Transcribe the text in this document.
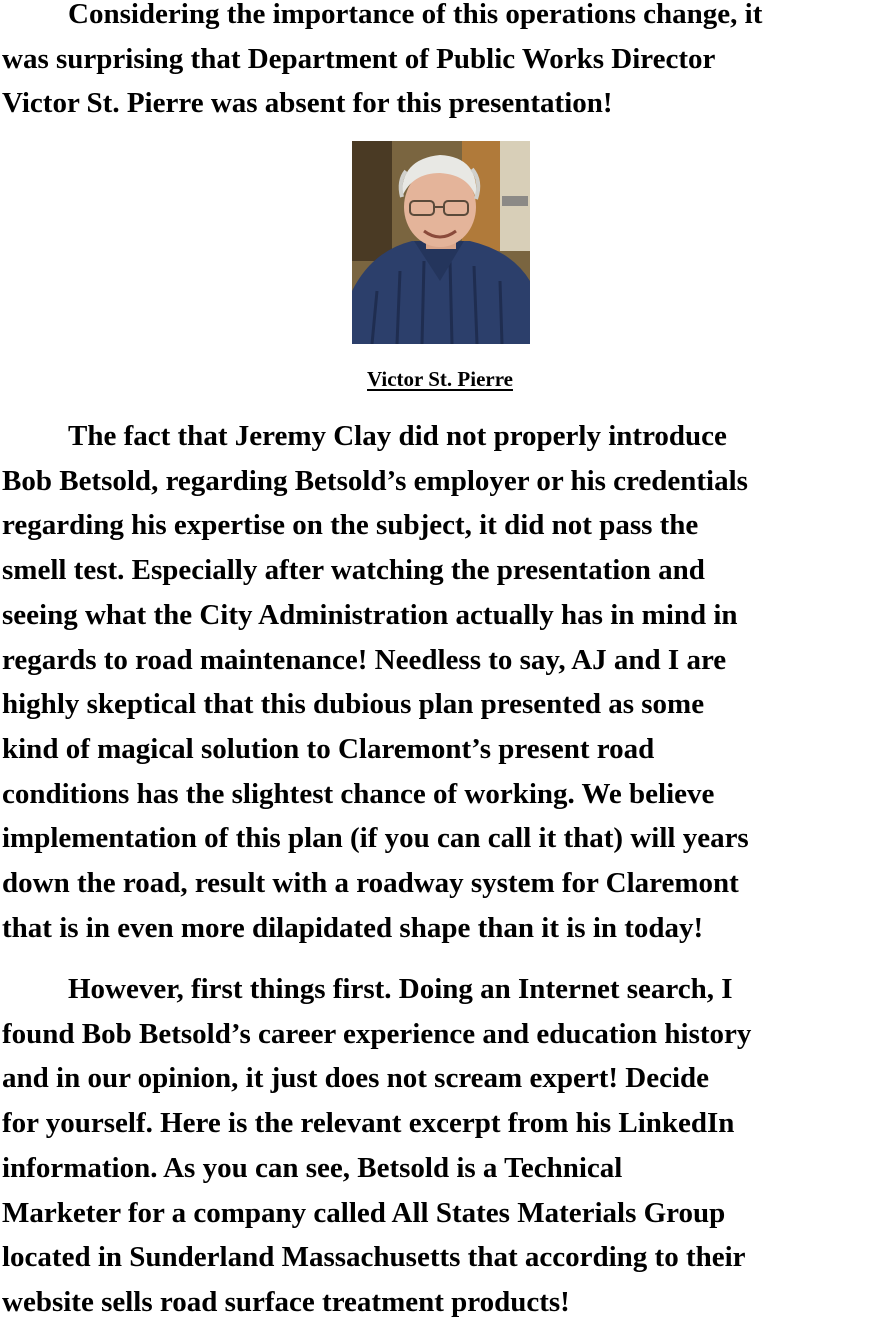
Considering the importance of this operations change, it
was surprising that Department of Public Works Director
Victor St. Pierre was absent for this presentation!

Victor St. Pierre

The fact that Jeremy Clay did not properly introduce
Bob Betsold, regarding Betsold’s employer or his credentials
regarding his expertise on the subject, it did not pass the
smell test. Especially after watching the presentation and
seeing what the City Administration actually has in mind in
regards to road maintenance! Needless to say, AJ and I are
highly skeptical that this dubious plan presented as some
kind of magical solution to Claremont’s present road
conditions has the slightest chance of working. We believe
implementation of this plan (if you can call it that) will years
down the road, result with a roadway system for Claremont
that is in even more dilapidated shape than it is in today!

However, first things first. Doing an Internet search, I
found Bob Betsold’s career experience and education history
and in our opinion, it just does not scream expert! Decide
for yourself. Here is the relevant excerpt from his LinkedIn
information. As you can see, Betsold is a Technical
Marketer for a company called All States Materials Group
located in Sunderland Massachusetts that according to their
website sells road surface treatment products!
